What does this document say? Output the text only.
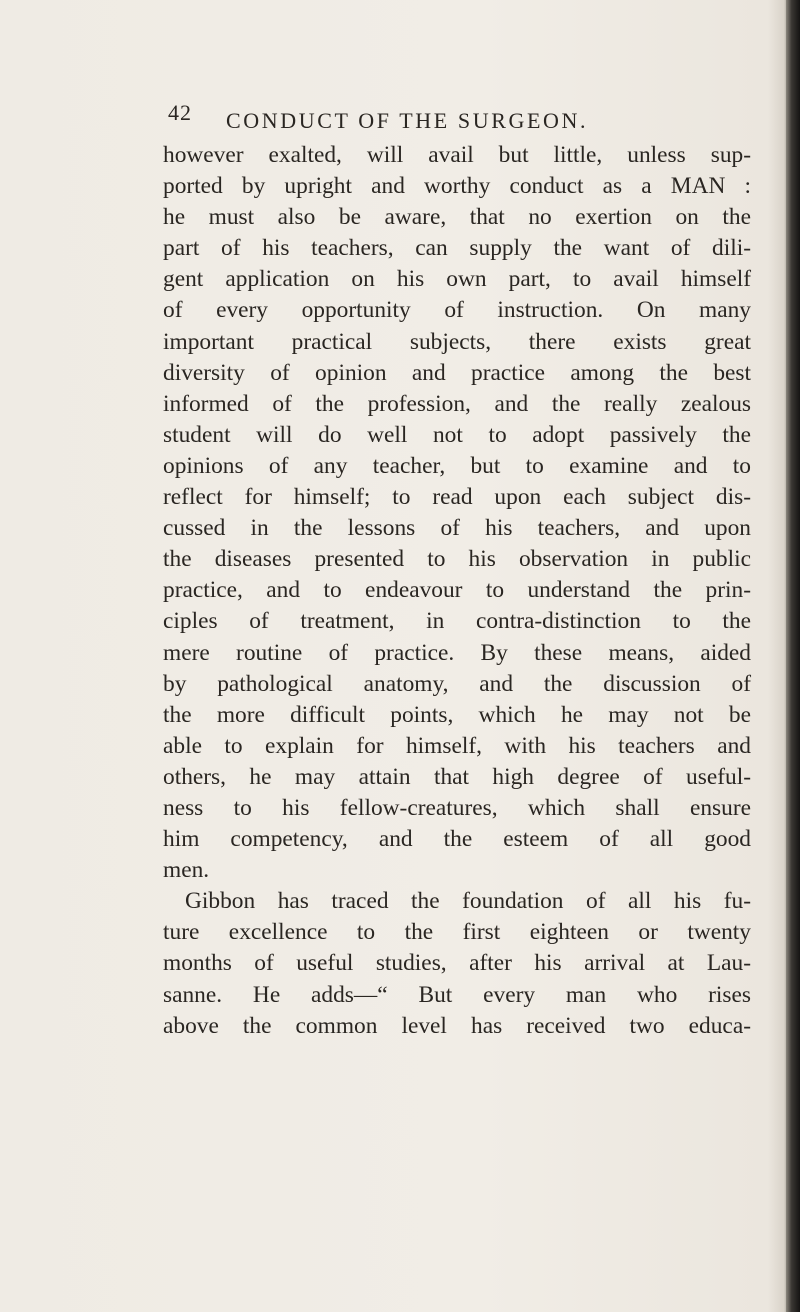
42 CONDUCT OF THE SURGEON.
however exalted, will avail but little, unless sup-
ported by upright and worthy conduct as a MAN :
he must also be aware, that no exertion on the
part of his teachers, can supply the want of dili-
gent application on his own part, to avail himself
of every opportunity of instruction. On many
important practical subjects, there exists great
diversity of opinion and practice among the best
informed of the profession, and the really zealous
student will do well not to adopt passively the
opinions of any teacher, but to examine and to
reflect for himself; to read upon each subject dis-
cussed in the lessons of his teachers, and upon
the diseases presented to his observation in public
practice, and to endeavour to understand the prin-
ciples of treatment, in contra-distinction to the
mere routine of practice. By these means, aided
by pathological anatomy, and the discussion of
the more difficult points, which he may not be
able to explain for himself, with his teachers and
others, he may attain that high degree of useful-
ness to his fellow-creatures, which shall ensure
him competency, and the esteem of all good
men.
Gibbon has traced the foundation of all his fu-
ture excellence to the first eighteen or twenty
months of useful studies, after his arrival at Lau-
sanne. He adds—“ But every man who rises
above the common level has received two educa-
